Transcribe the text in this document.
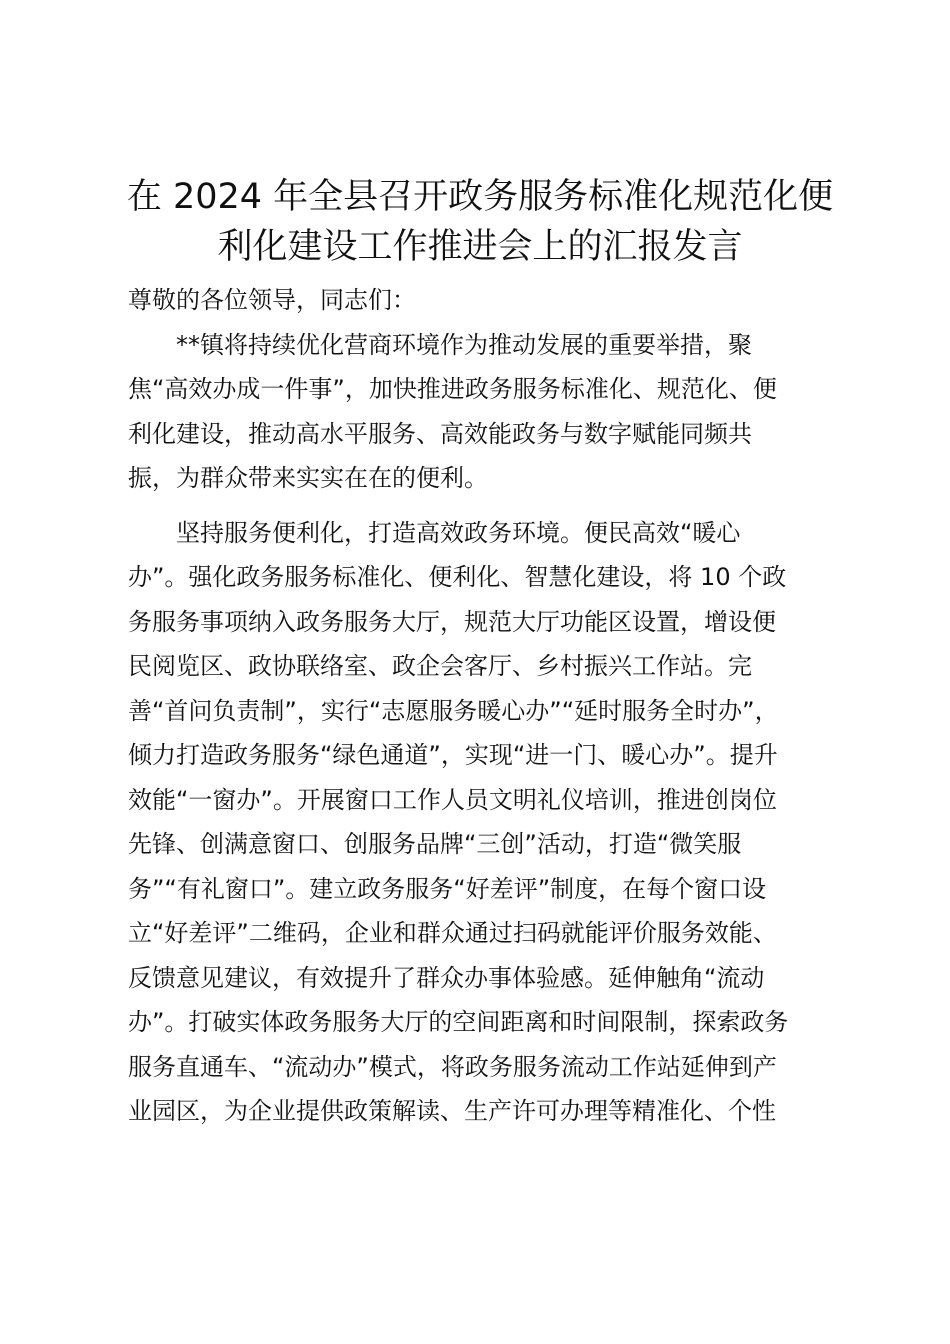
在 2024 年全县召开政务服务标准化规范化便
利化建设工作推进会上的汇报发言

尊敬的各位领导，同志们：

**镇将持续优化营商环境作为推动发展的重要举措，聚
焦“高效办成一件事”，加快推进政务服务标准化、规范化、便
利化建设，推动高水平服务、高效能政务与数字赋能同频共
振，为群众带来实实在在的便利。

坚持服务便利化，打造高效政务环境。便民高效“暖心
办”。强化政务服务标准化、便利化、智慧化建设，将 10 个政
务服务事项纳入政务服务大厅，规范大厅功能区设置，增设便
民阅览区、政协联络室、政企会客厅、乡村振兴工作站。完
善“首问负责制”，实行“志愿服务暖心办”“延时服务全时办”，
倾力打造政务服务“绿色通道”，实现“进一门、暖心办”。提升
效能“一窗办”。开展窗口工作人员文明礼仪培训，推进创岗位
先锋、创满意窗口、创服务品牌“三创”活动，打造“微笑服
务”“有礼窗口”。建立政务服务“好差评”制度，在每个窗口设
立“好差评”二维码，企业和群众通过扫码就能评价服务效能、
反馈意见建议，有效提升了群众办事体验感。延伸触角“流动
办”。打破实体政务服务大厅的空间距离和时间限制，探索政务
服务直通车、“流动办”模式，将政务服务流动工作站延伸到产
业园区，为企业提供政策解读、生产许可办理等精准化、个性
